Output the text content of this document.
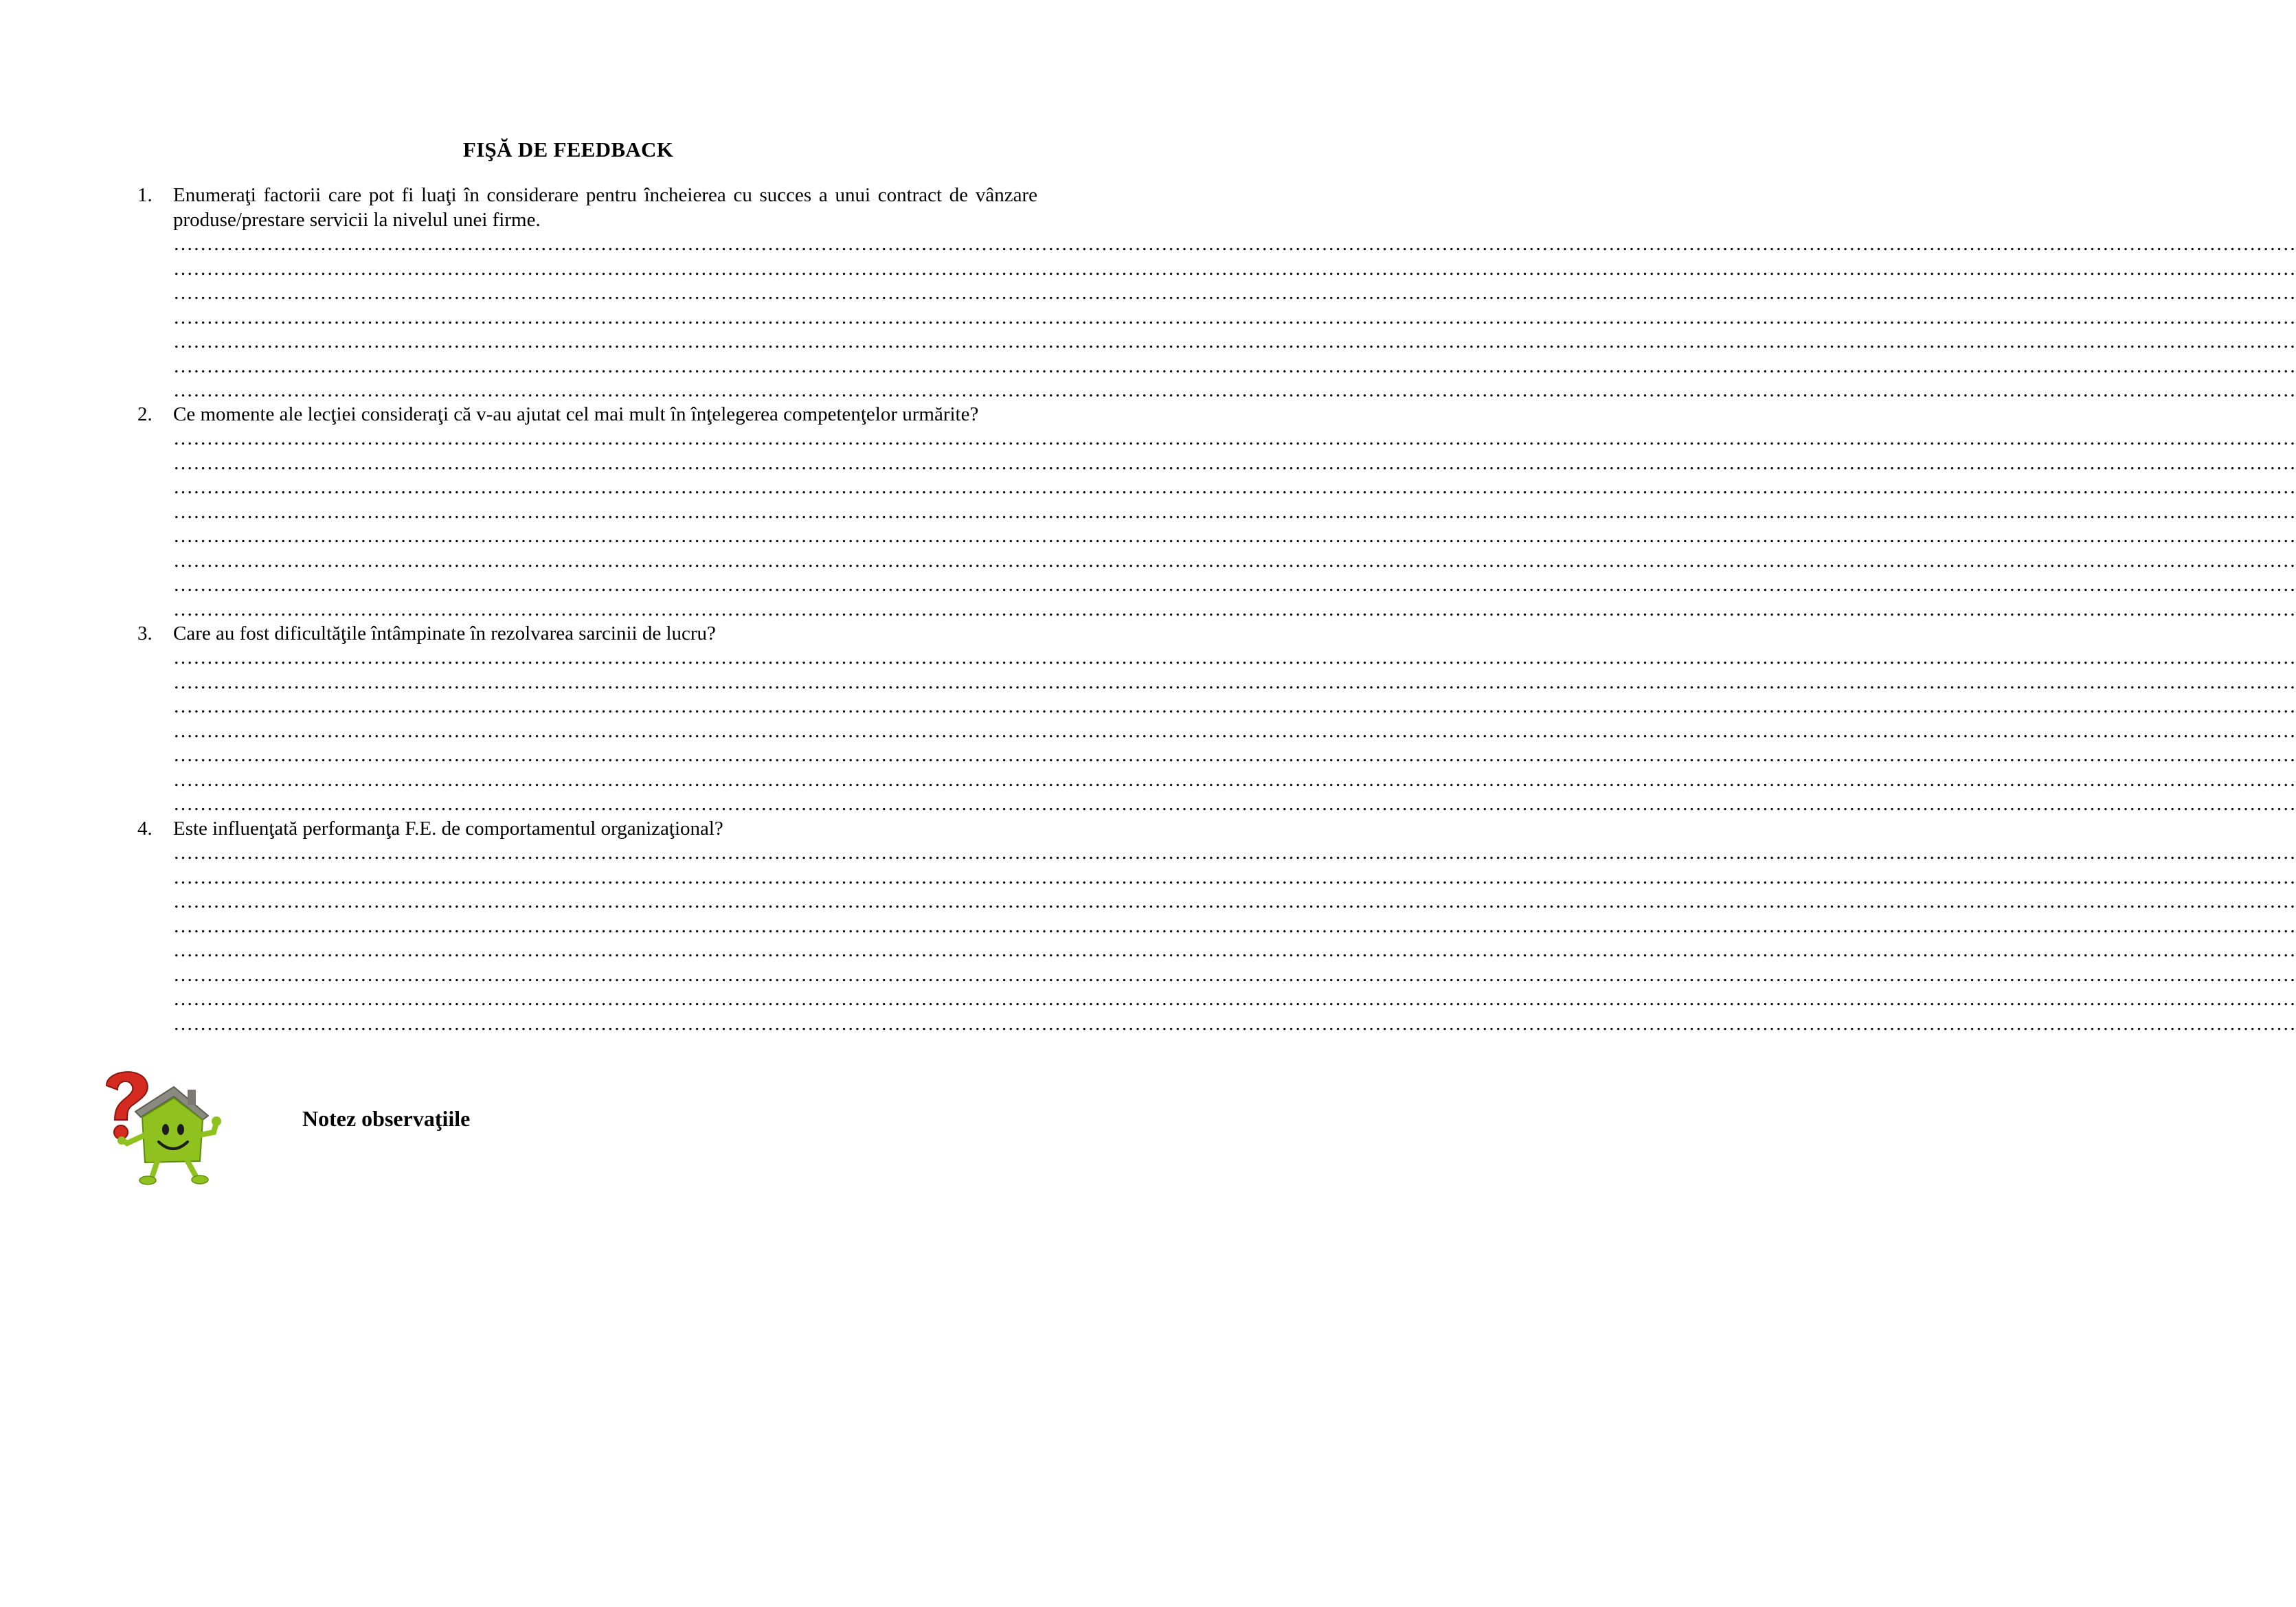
FIŞĂ DE FEEDBACK
1. Enumeraţi factorii care pot fi luaţi în considerare pentru încheierea cu succes a unui contract de vânzare produse/prestare servicii la nivelul unei firme.
…………………………………………………………………………………………………………………………………………………………………………………………………………………………………………………………………………………………
…………………………………………………………………………………………………………………………………………………………………………………………………………………………………………………………………………………………
…………………………………………………………………………………………………………………………………………………………………………………………………………………………………………………………………………………………
…………………………………………………………………………………………………………………………………………………………………………………………………………………………………………………………………………………………
…………………………………………………………………………………………………………………………………………………………………………………………………………………………………………………………………………………………
…………………………………………………………………………………………………………………………………………………………………………………………………………………………………………………………………………………………
…………………………………………………………………………………………………………………………………………………………………………………………………………………………………………………………………………………………
2. Ce momente ale lecţiei consideraţi că v-au ajutat cel mai mult în înţelegerea competenţelor urmărite?
…………………………………………………………………………………………………………………………………………………………………………………………………………………………………………………………………………………………
…………………………………………………………………………………………………………………………………………………………………………………………………………………………………………………………………………………………
…………………………………………………………………………………………………………………………………………………………………………………………………………………………………………………………………………………………
…………………………………………………………………………………………………………………………………………………………………………………………………………………………………………………………………………………………
…………………………………………………………………………………………………………………………………………………………………………………………………………………………………………………………………………………………
…………………………………………………………………………………………………………………………………………………………………………………………………………………………………………………………………………………………
…………………………………………………………………………………………………………………………………………………………………………………………………………………………………………………………………………………………
…………………………………………………………………………………………………………………………………………………………………………………………………………………………………………………………………………………………
3. Care au fost dificultăţile întâmpinate în rezolvarea sarcinii de lucru?
…………………………………………………………………………………………………………………………………………………………………………………………………………………………………………………………………………………………
…………………………………………………………………………………………………………………………………………………………………………………………………………………………………………………………………………………………
…………………………………………………………………………………………………………………………………………………………………………………………………………………………………………………………………………………………
…………………………………………………………………………………………………………………………………………………………………………………………………………………………………………………………………………………………
…………………………………………………………………………………………………………………………………………………………………………………………………………………………………………………………………………………………
…………………………………………………………………………………………………………………………………………………………………………………………………………………………………………………………………………………………
…………………………………………………………………………………………………………………………………………………………………………………………………………………………………………………………………………………………
4. Este influenţată performanţa F.E. de comportamentul organizaţional?
…………………………………………………………………………………………………………………………………………………………………………………………………………………………………………………………………………………………
…………………………………………………………………………………………………………………………………………………………………………………………………………………………………………………………………………………………
…………………………………………………………………………………………………………………………………………………………………………………………………………………………………………………………………………………………
…………………………………………………………………………………………………………………………………………………………………………………………………………………………………………………………………………………………
…………………………………………………………………………………………………………………………………………………………………………………………………………………………………………………………………………………………
…………………………………………………………………………………………………………………………………………………………………………………………………………………………………………………………………………………………
…………………………………………………………………………………………………………………………………………………………………………………………………………………………………………………………………………………………
…………………………………………………………………………………………………………………………………………………………………………………………………………………………………………………………………………………………
Notez observaţiile
